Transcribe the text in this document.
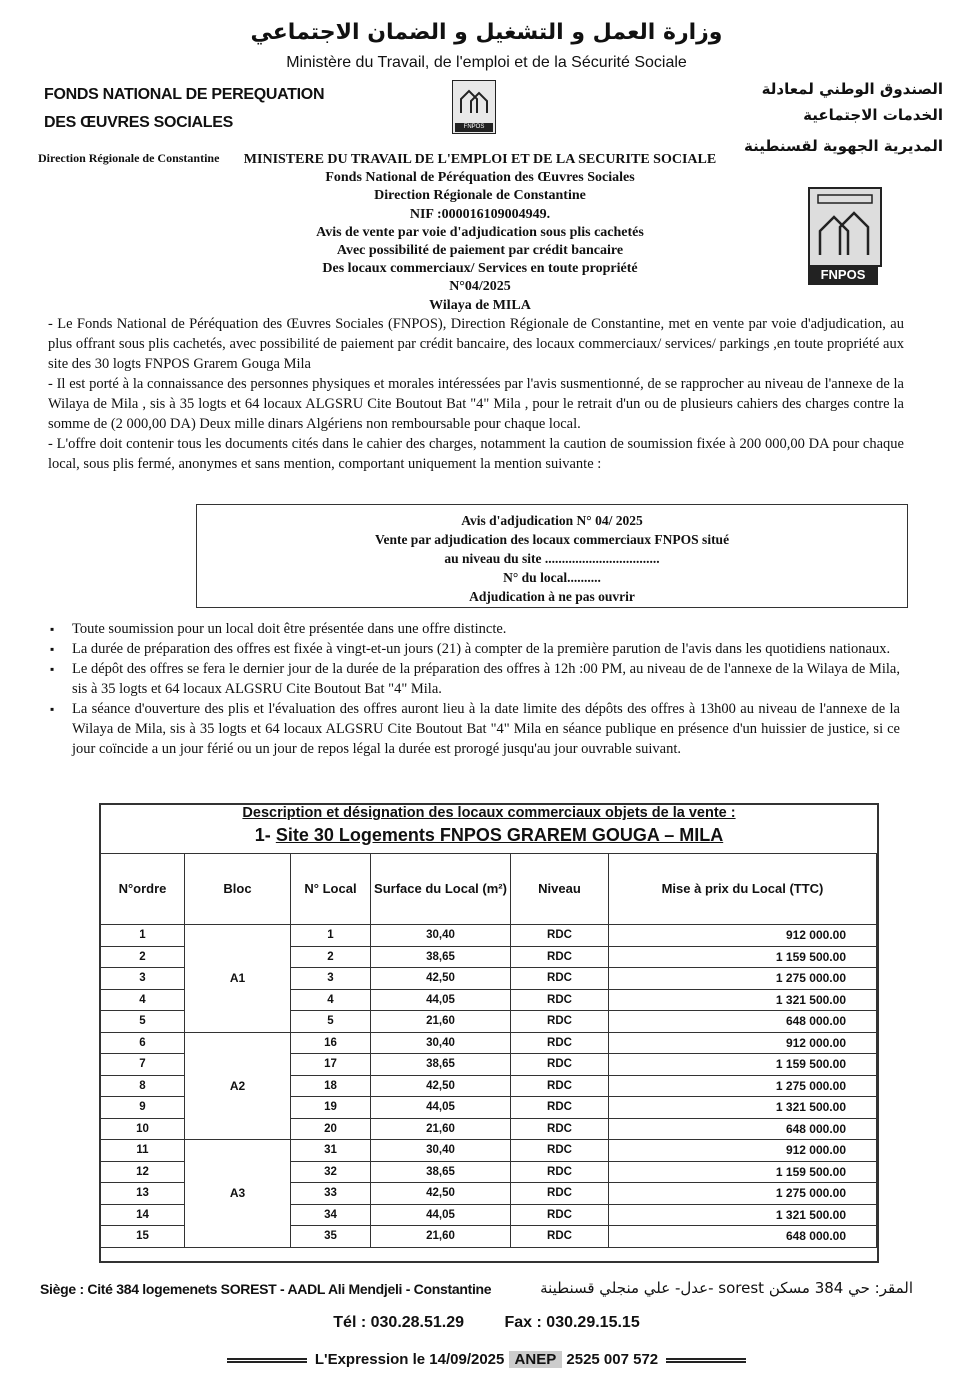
وزارة العمل و التشغيل و الضمان الاجتماعي
Ministère du Travail, de l'emploi et de la Sécurité Sociale
FONDS NATIONAL DE PEREQUATION
DES ŒUVRES SOCIALES
الصندوق الوطني لمعادلة
الخدمات الاجتماعية
المديرية الجهوية لقسنطينة
FNPOS
Direction Régionale de Constantine
FNPOS
MINISTERE DU TRAVAIL DE L'EMPLOI ET DE LA SECURITE SOCIALE
Fonds National de Péréquation des Œuvres Sociales
Direction Régionale de Constantine
NIF :000016109004949.
Avis de vente par voie d'adjudication sous plis cachetés
Avec possibilité de paiement par crédit bancaire
Des locaux commerciaux/ Services en toute propriété
N°04/2025
Wilaya de MILA

- Le Fonds National de Péréquation des Œuvres Sociales (FNPOS), Direction Régionale de Constantine, met en vente par voie d'adjudication, au plus offrant sous plis cachetés, avec possibilité de paiement par crédit bancaire, des locaux commerciaux/ services/ parkings ,en toute propriété aux site des 30 logts FNPOS Grarem Gouga Mila

- Il est porté à la connaissance des personnes physiques et morales intéressées par l'avis susmentionné, de se rapprocher au niveau de l'annexe de la Wilaya de Mila , sis à 35 logts et 64 locaux ALGSRU Cite Boutout Bat "4" Mila , pour le retrait d'un ou de plusieurs cahiers des charges contre la somme de (2 000,00 DA) Deux mille dinars Algériens non remboursable pour chaque local.

- L'offre doit contenir tous les documents cités dans le cahier des charges, notamment la caution de soumission fixée à 200 000,00 DA pour chaque local, sous plis fermé, anonymes et sans mention, comportant uniquement la mention suivante :

Avis d'adjudication N° 04/ 2025
Vente par adjudication des locaux commerciaux FNPOS situé
au niveau du site ..................................
N° du local..........
Adjudication à ne pas ouvrir
▪ Toute soumission pour un local doit être présentée dans une offre distincte.
▪ La durée de préparation des offres est fixée à vingt-et-un jours (21) à compter de la première parution de l'avis dans les quotidiens nationaux.
▪ Le dépôt des offres se fera le dernier jour de la durée de la préparation des offres à 12h :00 PM, au niveau de de l'annexe de la Wilaya de Mila, sis à 35 logts et 64 locaux ALGSRU Cite Boutout Bat "4" Mila.
▪ La séance d'ouverture des plis et l'évaluation des offres auront lieu à la date limite des dépôts des offres à 13h00 au niveau de l'annexe de la Wilaya de Mila, sis à 35 logts et 64 locaux ALGSRU Cite Boutout Bat "4" Mila en séance publique en présence d'un huissier de justice, si ce jour coïncide a un jour férié ou un jour de repos légal la durée est prorogé jusqu'au jour ouvrable suivant.
Description et désignation des locaux commerciaux objets de la vente :
1- Site 30 Logements FNPOS GRAREM GOUGA – MILA
N°ordre	Bloc	N° Local	Surface du Local (m²)	Niveau	Mise à prix du Local (TTC)
1	A1	1	30,40	RDC	912 000.00
2		2	38,65	RDC	1 159 500.00
3		3	42,50	RDC	1 275 000.00
4		4	44,05	RDC	1 321 500.00
5		5	21,60	RDC	648 000.00
6	A2	16	30,40	RDC	912 000.00
7		17	38,65	RDC	1 159 500.00
8		18	42,50	RDC	1 275 000.00
9		19	44,05	RDC	1 321 500.00
10		20	21,60	RDC	648 000.00
11	A3	31	30,40	RDC	912 000.00
12		32	38,65	RDC	1 159 500.00
13		33	42,50	RDC	1 275 000.00
14		34	44,05	RDC	1 321 500.00
15		35	21,60	RDC	648 000.00
Siège : Cité 384 logemenets SOREST - AADL Ali Mendjeli - Constantine	المقر: حي 384 مسكن sorest -عدل- علي منجلي قسنطينة
Tél : 030.28.51.29	Fax : 030.29.15.15
L'Expression le 14/09/2025 ANEP 2525 007 572
